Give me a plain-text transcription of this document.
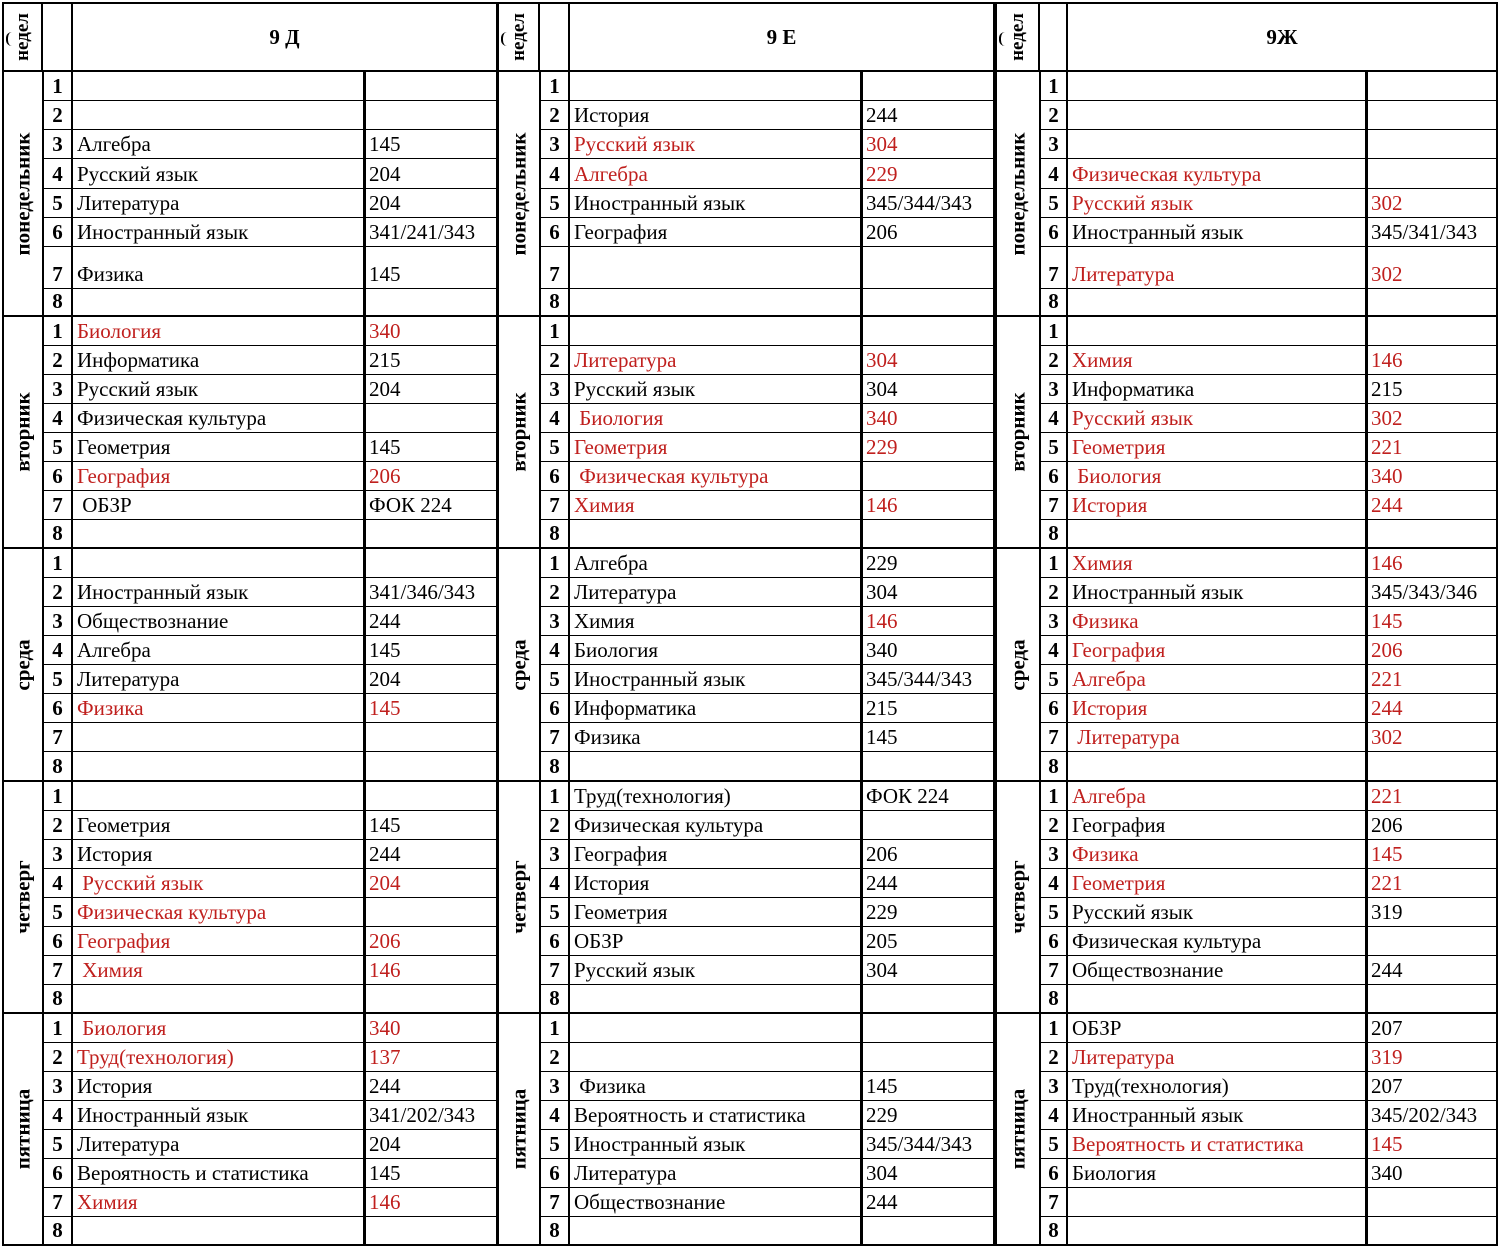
недел	9 Д
понедельник
1
2
3 Алгебра	145
4 Русский язык	204
5 Литература	204
6 Иностранный язык	341/241/343
7 Физика	145
8
вторник
1 Биология	340
2 Информатика	215
3 Русский язык	204
4 Физическая культура
5 Геометрия	145
6 География	206
7 ОБЗР	ФОК 224
8
среда
1
2 Иностранный язык	341/346/343
3 Обществознание	244
4 Алгебра	145
5 Литература	204
6 Физика	145
7
8
четверг
1
2 Геометрия	145
3 История	244
4 Русский язык	204
5 Физическая культура
6 География	206
7 Химия	146
8
пятница
1 Биология	340
2 Труд(технология)	137
3 История	244
4 Иностранный язык	341/202/343
5 Литература	204
6 Вероятность и статистика	145
7 Химия	146
8
недел	9 Е
понедельник
1
2 История	244
3 Русский язык	304
4 Алгебра	229
5 Иностранный язык	345/344/343
6 География	206
7
8
вторник
1
2 Литература	304
3 Русский язык	304
4 Биология	340
5 Геометрия	229
6 Физическая культура
7 Химия	146
8
среда
1 Алгебра	229
2 Литература	304
3 Химия	146
4 Биология	340
5 Иностранный язык	345/344/343
6 Информатика	215
7 Физика	145
8
четверг
1 Труд(технология)	ФОК 224
2 Физическая культура
3 География	206
4 История	244
5 Геометрия	229
6 ОБЗР	205
7 Русский язык	304
8
пятница
1
2
3 Физика	145
4 Вероятность и статистика	229
5 Иностранный язык	345/344/343
6 Литература	304
7 Обществознание	244
8
недел	9Ж
понедельник
1
2
3
4 Физическая культура
5 Русский язык	302
6 Иностранный язык	345/341/343
7 Литература	302
8
вторник
1
2 Химия	146
3 Информатика	215
4 Русский язык	302
5 Геометрия	221
6 Биология	340
7 История	244
8
среда
1 Химия	146
2 Иностранный язык	345/343/346
3 Физика	145
4 География	206
5 Алгебра	221
6 История	244
7 Литература	302
8
четверг
1 Алгебра	221
2 География	206
3 Физика	145
4 Геометрия	221
5 Русский язык	319
6 Физическая культура
7 Обществознание	244
8
пятница
1 ОБЗР	207
2 Литература	319
3 Труд(технология)	207
4 Иностранный язык	345/202/343
5 Вероятность и статистика	145
6 Биология	340
7
8
